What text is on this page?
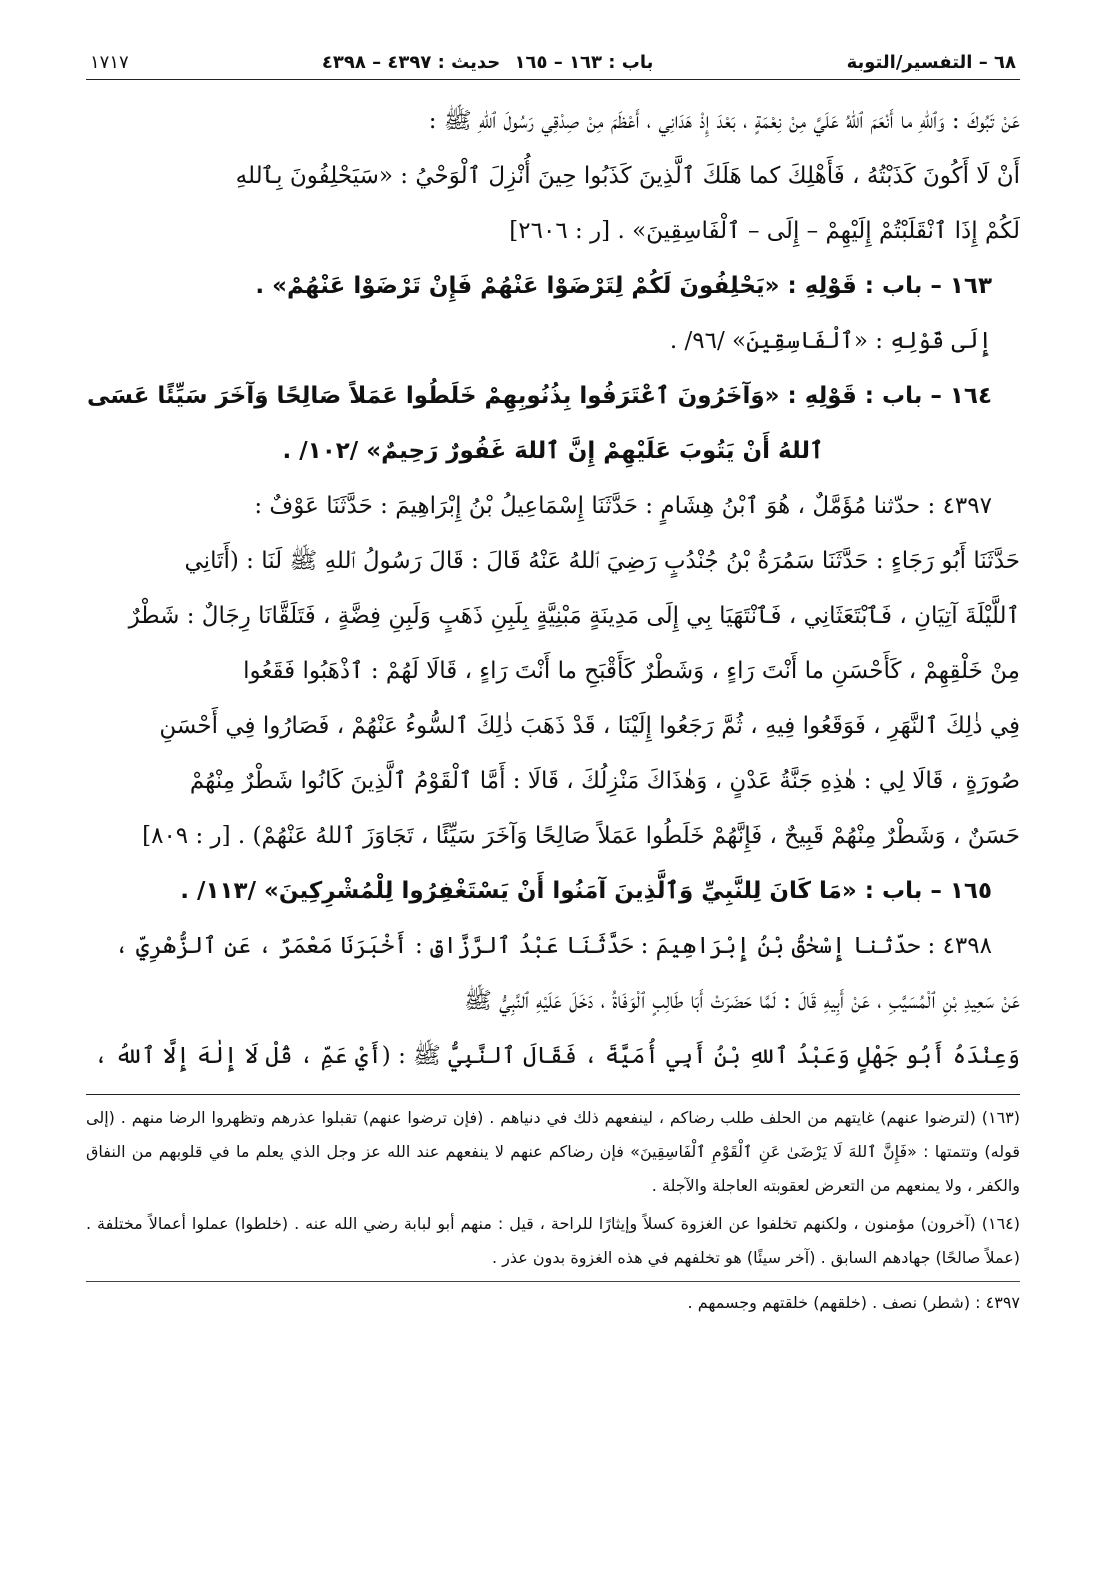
٦٨ – التفسير/التوبة
باب : ١٦٣ – ١٦٥ حديث : ٤٣٩٧ – ٤٣٩٨
١٧١٧

عَنْ تَبُوكَ : وَٱللهِ ما أَنْعَمَ ٱللهُ عَلَيَّ مِنْ نِعْمَةٍ ، بَعْدَ إِذْ هَدَانِي ، أَعْظَمَ مِنْ صِدْقِي رَسُولَ ٱللهِ ﷺ :

أَنْ لَا أَكُونَ كَذَبْتُهُ ، فَأَهْلِكَ كما هَلَكَ ٱلَّذِينَ كَذَبُوا حِينَ أُنْزِلَ ٱلْوَحْيُ : «سَيَحْلِفُونَ بِٱللهِ

لَكُمْ إِذَا ٱنْقَلَبْتُمْ إِلَيْهِمْ – إِلَى – ٱلْفَاسِقِينَ» . [ر : ٢٦٠٦]

١٦٣ – باب : قَوْلِهِ : «يَحْلِفُونَ لَكُمْ لِتَرْضَوْا عَنْهُمْ فَإِنْ تَرْضَوْا عَنْهُمْ» .

إِلَى قَوْلِهِ : «ٱلْفَاسِقِينَ» /٩٦/ .

١٦٤ – باب : قَوْلِهِ : «وَآخَرُونَ ٱعْتَرَفُوا بِذُنُوبِهِمْ خَلَطُوا عَمَلاً صَالِحًا وَآخَرَ سَيِّئًا عَسَى

ٱللهُ أَنْ يَتُوبَ عَلَيْهِمْ إِنَّ ٱللهَ غَفُورٌ رَحِيمٌ» /١٠٢/ .

٤٣٩٧ : حدّثنا مُؤَمَّلٌ ، هُوَ ٱبْنُ هِشَامٍ : حَدَّثَنَا إِسْمَاعِيلُ بْنُ إِبْرَاهِيمَ : حَدَّثَنَا عَوْفٌ :

حَدَّثَنَا أَبُو رَجَاءٍ : حَدَّثَنَا سَمُرَةُ بْنُ جُنْدُبٍ رَضِيَ ٱللهُ عَنْهُ قَالَ : قَالَ رَسُولُ ٱللهِ ﷺ لَنَا : (أَتَانِي

ٱللَّيْلَةَ آتِيَانِ ، فَٱبْتَعَثَانِي ، فَٱنْتَهَيَا بِي إِلَى مَدِينَةٍ مَبْنِيَّةٍ بِلَبِنِ ذَهَبٍ وَلَبِنِ فِضَّةٍ ، فَتَلَقَّانَا رِجَالٌ : شَطْرٌ

مِنْ خَلْقِهِمْ ، كَأَحْسَنِ ما أَنْتَ رَاءٍ ، وَشَطْرٌ كَأَقْبَحِ ما أَنْتَ رَاءٍ ، قَالَا لَهُمْ : ٱذْهَبُوا فَقَعُوا

فِي ذٰلِكَ ٱلنَّهَرِ ، فَوَقَعُوا فِيهِ ، ثُمَّ رَجَعُوا إِلَيْنَا ، قَدْ ذَهَبَ ذٰلِكَ ٱلسُّوءُ عَنْهُمْ ، فَصَارُوا فِي أَحْسَنِ

صُورَةٍ ، قَالَا لِي : هٰذِهِ جَنَّةُ عَدْنٍ ، وَهٰذَاكَ مَنْزِلُكَ ، قَالَا : أَمَّا ٱلْقَوْمُ ٱلَّذِينَ كَانُوا شَطْرٌ مِنْهُمْ

حَسَنٌ ، وَشَطْرٌ مِنْهُمْ قَبِيحٌ ، فَإِنَّهُمْ خَلَطُوا عَمَلاً صَالِحًا وَآخَرَ سَيِّئًا ، تَجَاوَزَ ٱللهُ عَنْهُمْ) . [ر : ٨٠٩]

١٦٥ – باب : «مَا كَانَ لِلنَّبِيِّ وَٱلَّذِينَ آمَنُوا أَنْ يَسْتَغْفِرُوا لِلْمُشْرِكِينَ» /١١٣/ .

٤٣٩٨ : حدّثنا إِسْحٰقُ بْنُ إِبْرَاهِيمَ : حَدَّثَنَا عَبْدُ ٱلرَّزَّاقِ : أَخْبَرَنَا مَعْمَرٌ ، عَنِ ٱلزُّهْرِيِّ ،

عَنْ سَعِيدِ بْنِ ٱلْمُسَيَّبِ ، عَنْ أَبِيهِ قَالَ : لَمَّا حَضَرَتْ أَبَا طَالِبٍ ٱلْوَفَاةُ ، دَخَلَ عَلَيْهِ ٱلنَّبِيُّ ﷺ

وَعِنْدَهُ أَبُو جَهْلٍ وَعَبْدُ ٱللهِ بْنُ أَبِي أُمَيَّةَ ، فَقَالَ ٱلنَّبِيُّ ﷺ : (أَيْ عَمِّ ، قُلْ لَا إِلٰهَ إِلَّا ٱللهُ ،

(١٦٣) (لترضوا عنهم) غايتهم من الحلف طلب رضاكم ، لينفعهم ذلك في دنياهم . (فإن ترضوا عنهم) تقبلوا عذرهم وتظهروا الرضا منهم . (إلى قوله) وتتمتها : «فَإِنَّ ٱللهَ لَا يَرْضَىٰ عَنِ ٱلْقَوْمِ ٱلْفَاسِقِينَ» فإن رضاكم عنهم لا ينفعهم عند الله عز وجل الذي يعلم ما في قلوبهم من النفاق والكفر ، ولا يمنعهم من التعرض لعقوبته العاجلة والآجلة .

(١٦٤) (آخرون) مؤمنون ، ولكنهم تخلفوا عن الغزوة كسلاً وإيثارًا للراحة ، قيل : منهم أبو لبابة رضي الله عنه . (خلطوا) عملوا أعمالاً مختلفة . (عملاً صالحًا) جهادهم السابق . (آخر سيئًا) هو تخلفهم في هذه الغزوة بدون عذر .

٤٣٩٧ : (شطر) نصف . (خلقهم) خلقتهم وجسمهم .
